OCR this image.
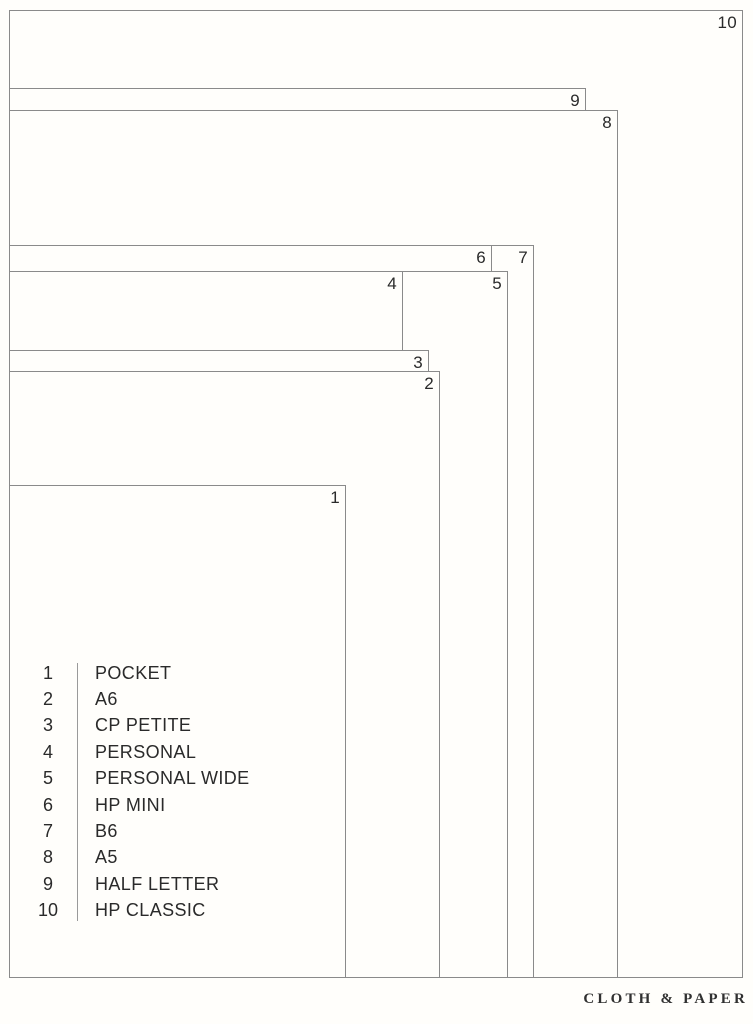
10
9
8
7
6
5
4
3
2
1
1	POCKET
2	A6
3	CP PETITE
4	PERSONAL
5	PERSONAL WIDE
6	HP MINI
7	B6
8	A5
9	HALF LETTER
10 HP CLASSIC
CLOTH & PAPER
